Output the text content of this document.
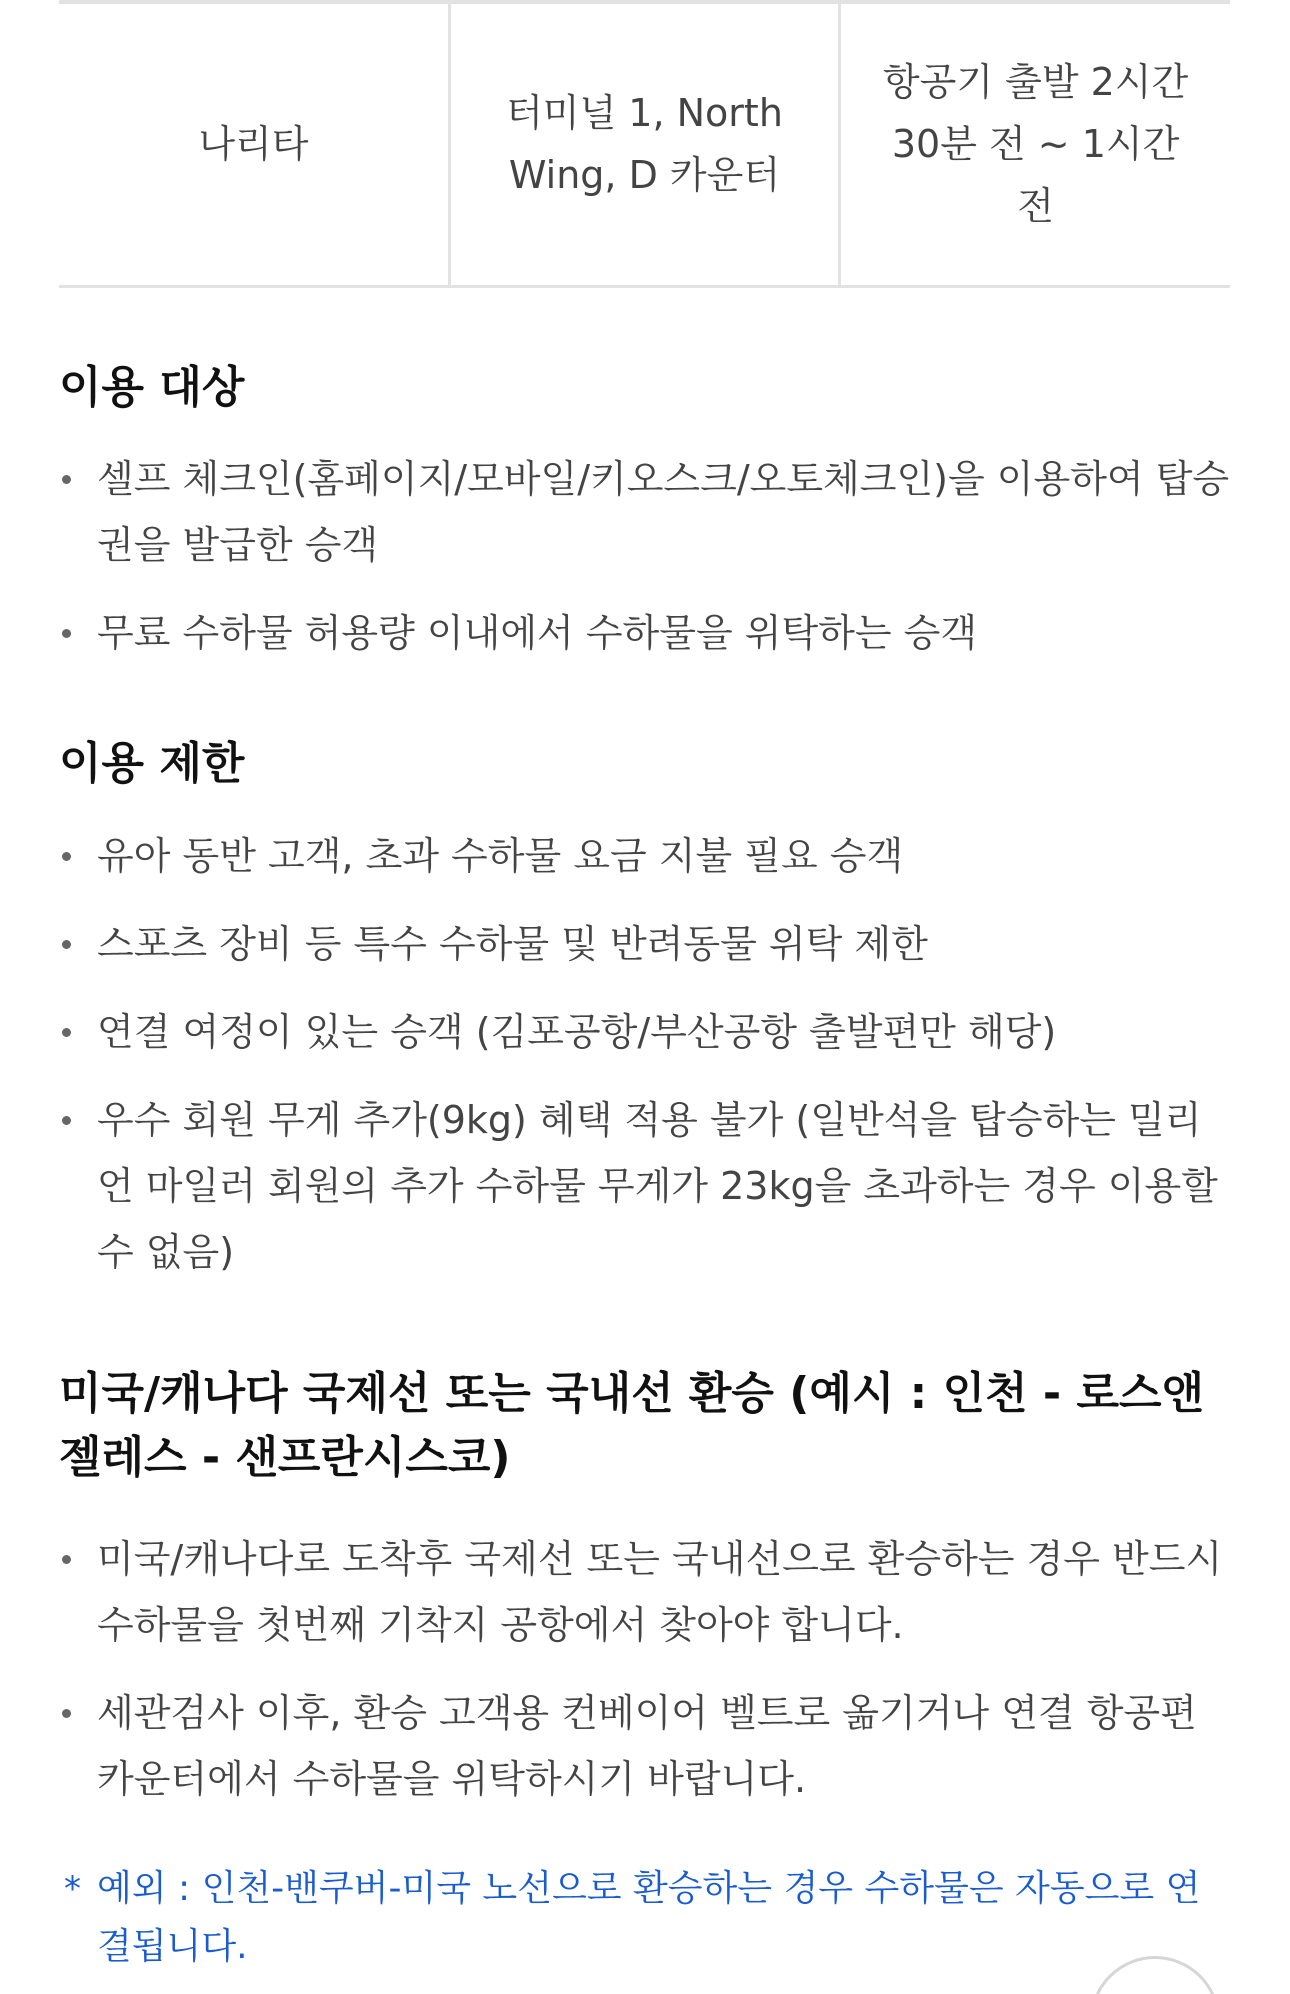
나리타	터미널 1, North Wing, D 카운터	항공기 출발 2시간 30분 전 ~ 1시간 전
이용 대상
셀프 체크인(홈페이지/모바일/키오스크/오토체크인)을 이용하여 탑승권을 발급한 승객
무료 수하물 허용량 이내에서 수하물을 위탁하는 승객
이용 제한
유아 동반 고객, 초과 수하물 요금 지불 필요 승객
스포츠 장비 등 특수 수하물 및 반려동물 위탁 제한
연결 여정이 있는 승객 (김포공항/부산공항 출발편만 해당)
우수 회원 무게 추가(9kg) 혜택 적용 불가 (일반석을 탑승하는 밀리언 마일러 회원의 추가 수하물 무게가 23kg을 초과하는 경우 이용할 수 없음)
미국/캐나다 국제선 또는 국내선 환승 (예시 : 인천 - 로스앤젤레스 - 샌프란시스코)
미국/캐나다로 도착후 국제선 또는 국내선으로 환승하는 경우 반드시 수하물을 첫번째 기착지 공항에서 찾아야 합니다.
세관검사 이후, 환승 고객용 컨베이어 벨트로 옮기거나 연결 항공편 카운터에서 수하물을 위탁하시기 바랍니다.
* 예외 : 인천-밴쿠버-미국 노선으로 환승하는 경우 수하물은 자동으로 연결됩니다.
